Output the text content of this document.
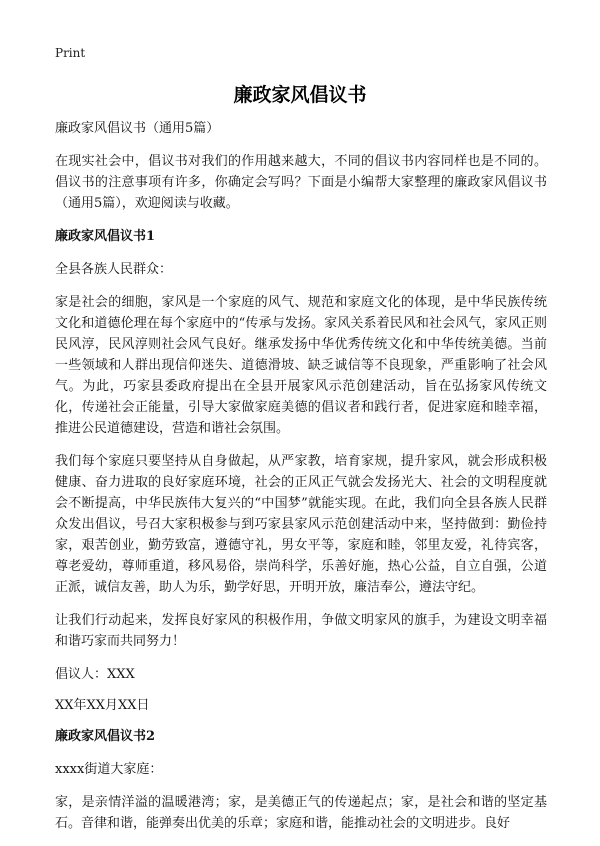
Print
廉政家风倡议书

廉政家风倡议书（通用5篇）

在现实社会中，倡议书对我们的作用越来越大，不同的倡议书内容同样也是不同的。倡议书的注意事项有许多，你确定会写吗？下面是小编帮大家整理的廉政家风倡议书（通用5篇），欢迎阅读与收藏。

廉政家风倡议书1

全县各族人民群众：

家是社会的细胞，家风是一个家庭的风气、规范和家庭文化的体现，是中华民族传统文化和道德伦理在每个家庭中的“传承与发扬。家风关系着民风和社会风气，家风正则民风淳，民风淳则社会风气良好。继承发扬中华优秀传统文化和中华传统美德。当前一些领域和人群出现信仰迷失、道德滑坡、缺乏诚信等不良现象，严重影响了社会风气。为此，巧家县委政府提出在全县开展家风示范创建活动，旨在弘扬家风传统文化，传递社会正能量，引导大家做家庭美德的倡议者和践行者，促进家庭和睦幸福，推进公民道德建设，营造和谐社会氛围。

我们每个家庭只要坚持从自身做起，从严家教，培育家规，提升家风，就会形成积极健康、奋力进取的良好家庭环境，社会的正风正气就会发扬光大、社会的文明程度就会不断提高，中华民族伟大复兴的“中国梦”就能实现。在此，我们向全县各族人民群众发出倡议，号召大家积极参与到巧家县家风示范创建活动中来，坚持做到：勤俭持家，艰苦创业，勤劳致富，遵德守礼，男女平等，家庭和睦，邻里友爱，礼待宾客，尊老爱幼，尊师重道，移风易俗，崇尚科学，乐善好施，热心公益，自立自强，公道正派，诚信友善，助人为乐，勤学好思，开明开放，廉洁奉公，遵法守纪。

让我们行动起来，发挥良好家风的积极作用，争做文明家风的旗手，为建设文明幸福和谐巧家而共同努力！

倡议人：XXX

XX年XX月XX日

廉政家风倡议书2

xxxx街道大家庭：

家，是亲情洋溢的温暖港湾；家，是美德正气的传递起点；家，是社会和谐的坚定基石。音律和谐，能弹奏出优美的乐章；家庭和谐，能推动社会的文明进步。良好
